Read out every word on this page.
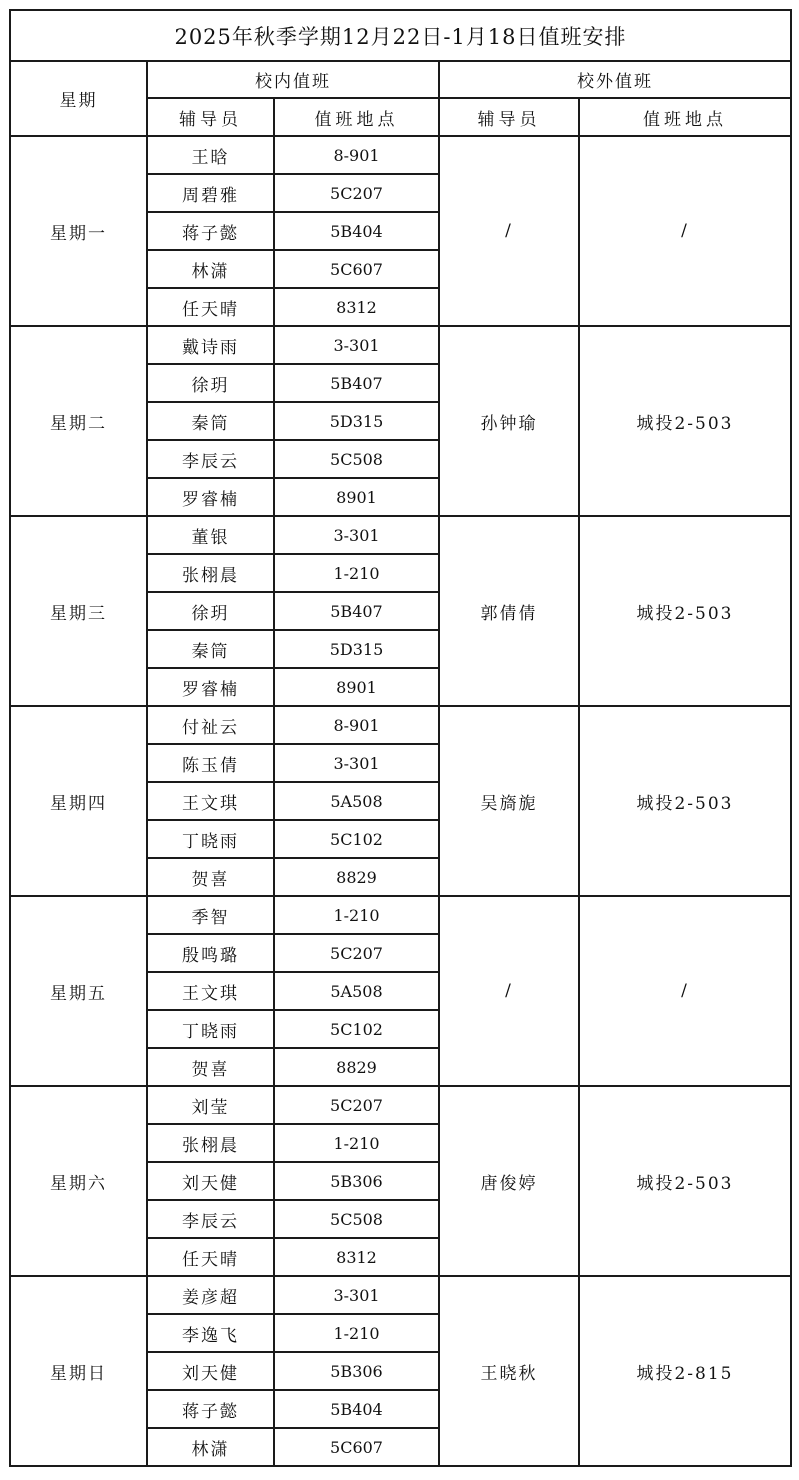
2025年秋季学期12月22日-1月18日值班安排				
星期	校内值班		校外值班	
	辅导员	值班地点	辅导员	值班地点
星期一	王晗	8-901	/	/
	周碧雅	5C207		
	蒋子懿	5B404		
	林潇	5C607		
	任天晴	8312		
星期二	戴诗雨	3-301	孙钟瑜	城投2-503
	徐玥	5B407		
	秦筒	5D315		
	李辰云	5C508		
	罗睿楠	8901		
星期三	董银	3-301	郭倩倩	城投2-503
	张栩晨	1-210		
	徐玥	5B407		
	秦筒	5D315		
	罗睿楠	8901		
星期四	付祉云	8-901	吴旖旎	城投2-503
	陈玉倩	3-301		
	王文琪	5A508		
	丁晓雨	5C102		
	贺喜	8829		
星期五	季智	1-210	/	/
	殷鸣璐	5C207		
	王文琪	5A508		
	丁晓雨	5C102		
	贺喜	8829		
星期六	刘莹	5C207	唐俊婷	城投2-503
	张栩晨	1-210		
	刘天健	5B306		
	李辰云	5C508		
	任天晴	8312		
星期日	姜彦超	3-301	王晓秋	城投2-815
	李逸飞	1-210		
	刘天健	5B306		
	蒋子懿	5B404		
	林潇	5C607		
